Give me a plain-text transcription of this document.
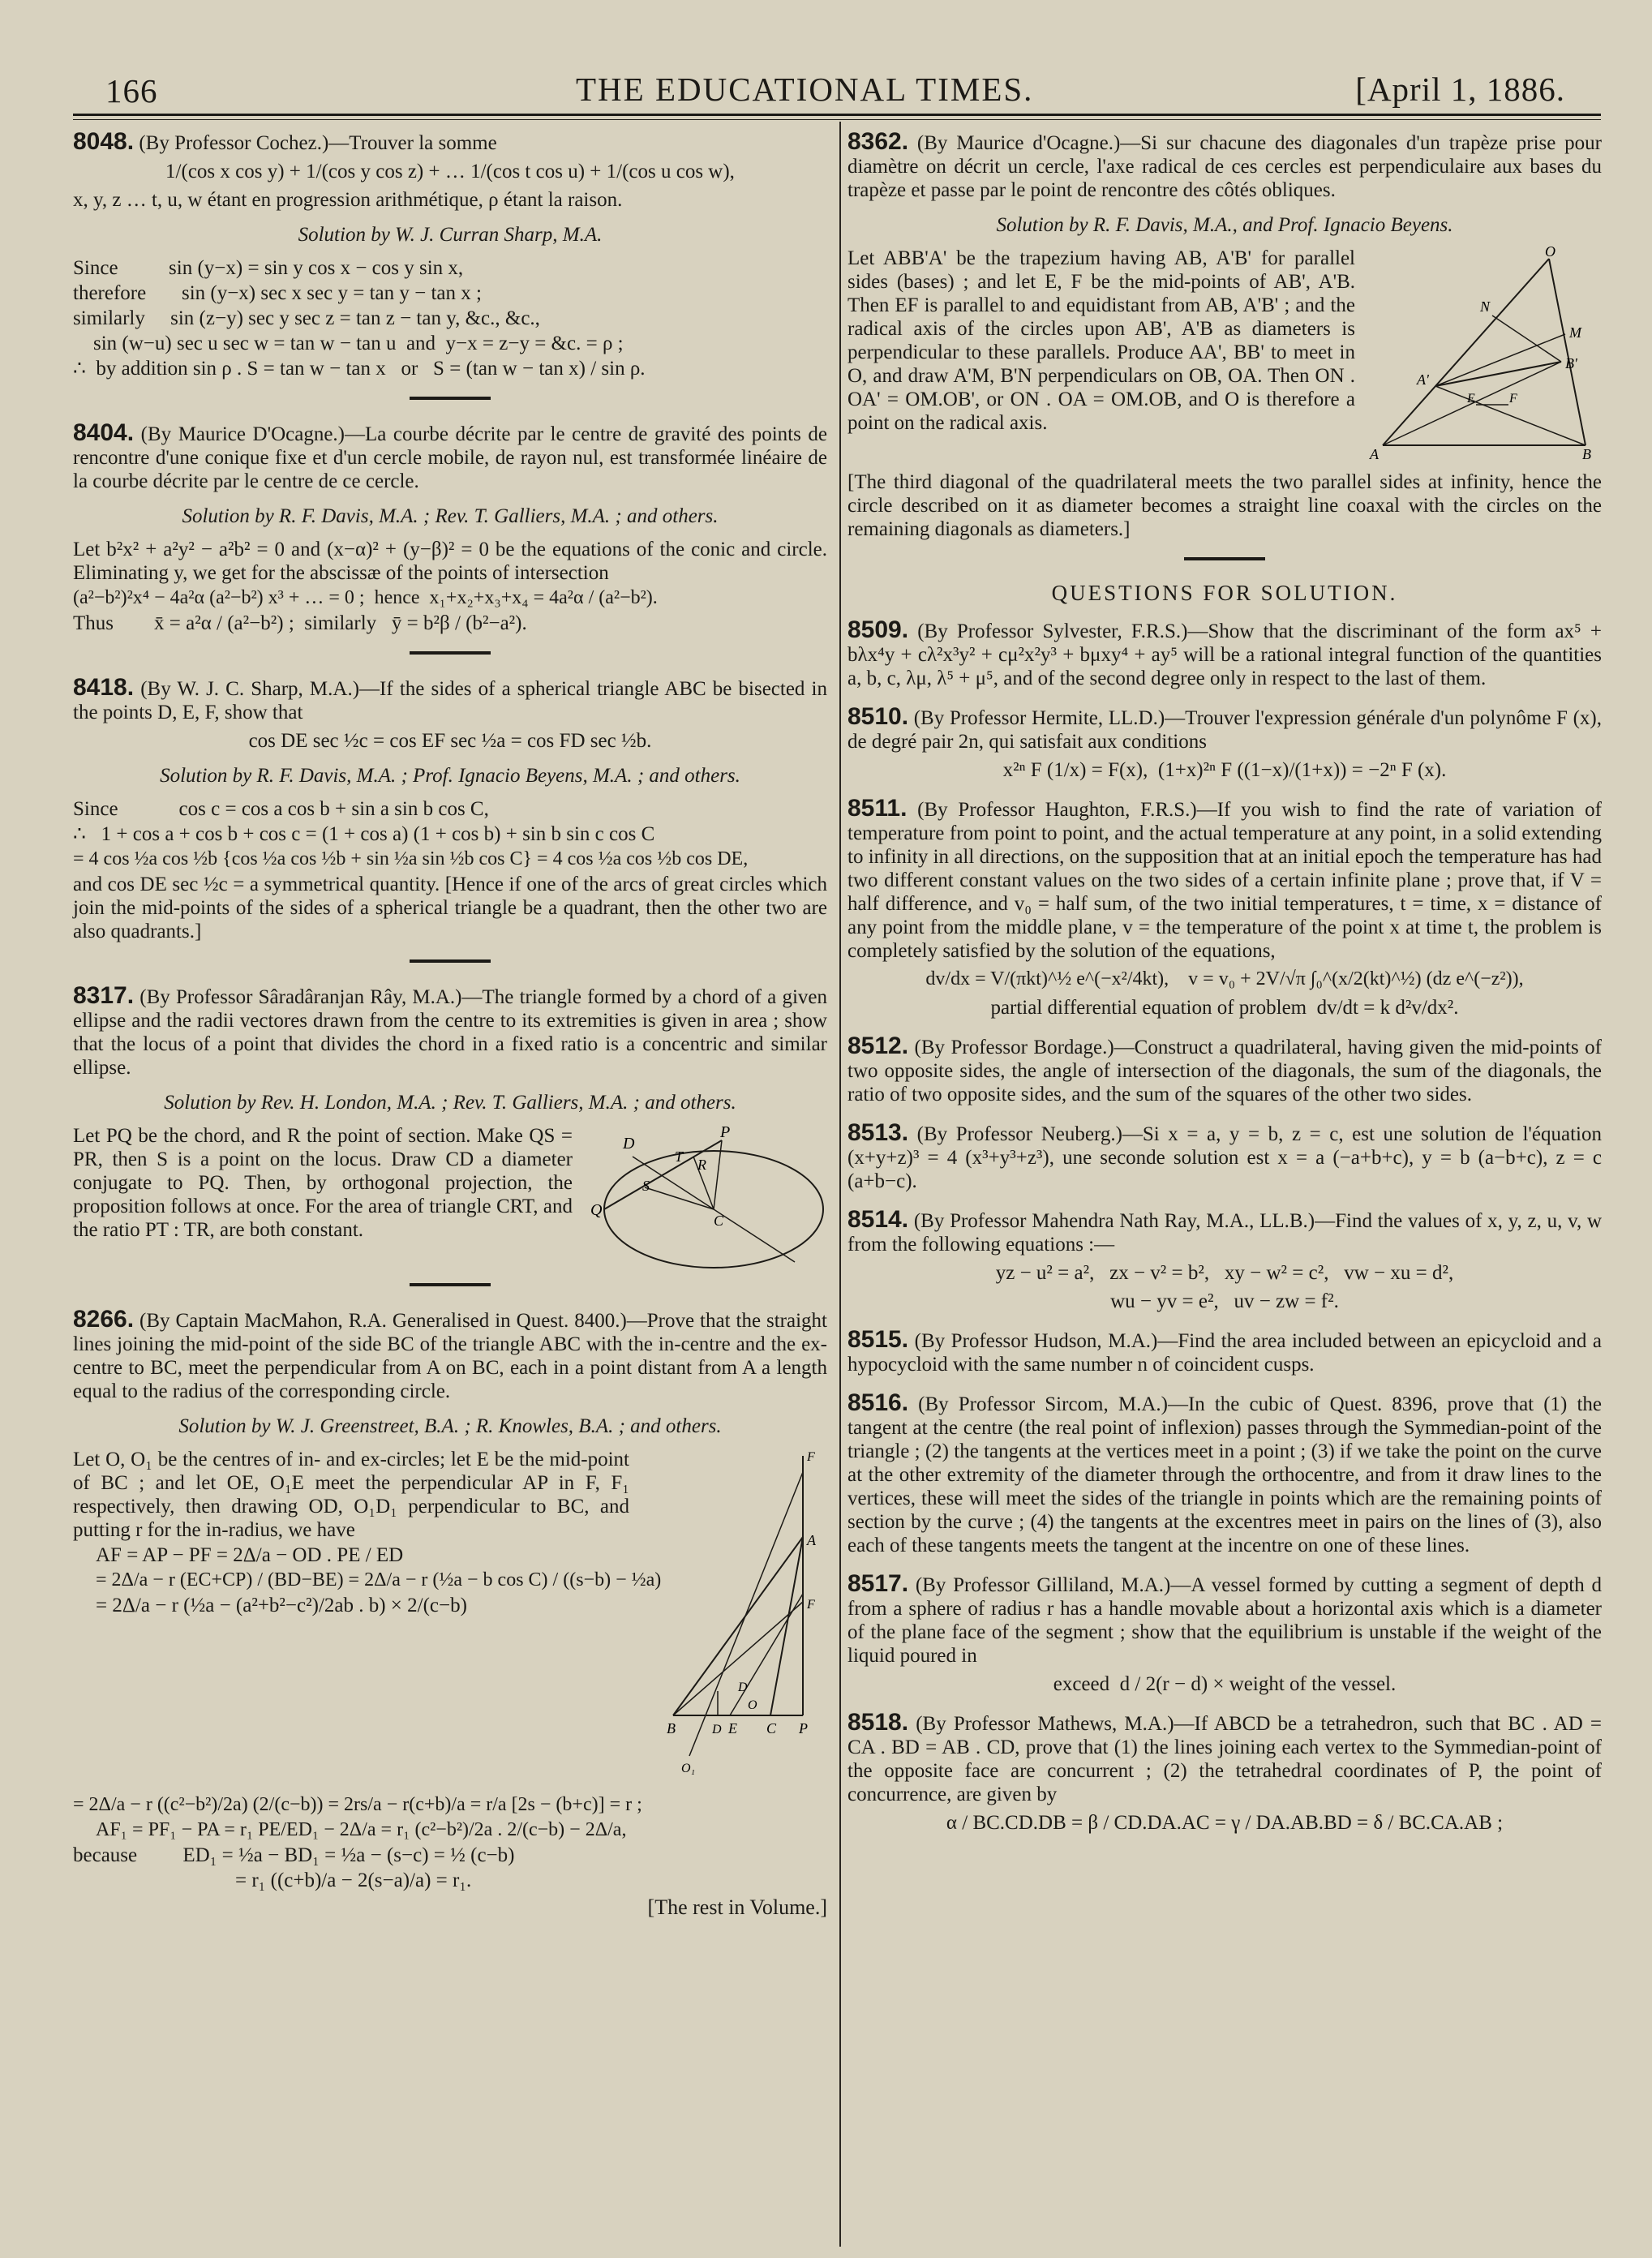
166	THE EDUCATIONAL TIMES.	[April 1, 1886.
8048. (By Professor Cochez.)—Trouver la somme
1/(cos x cos y) + 1/(cos y cos z) + … 1/(cos t cos u) + 1/(cos u cos w),
x, y, z … t, u, w étant en progression arithmétique, ρ étant la raison.
Solution by W. J. Curran Sharp, M.A.
Since          sin (y−x) = sin y cos x − cos y sin x,
therefore       sin (y−x) sec x sec y = tan y − tan x ;
similarly     sin (z−y) sec y sec z = tan z − tan y, &c., &c.,
sin (w−u) sec u sec w = tan w − tan u  and  y−x = z−y = &c. = ρ ;
∴  by addition sin ρ . S = tan w − tan x   or   S = (tan w − tan x) / sin ρ.
8404. (By Maurice D'Ocagne.)—La courbe décrite par le centre de gravité des points de rencontre d'une conique fixe et d'un cercle mobile, de rayon nul, est transformée linéaire de la courbe décrite par le centre de ce cercle.
Solution by R. F. Davis, M.A. ; Rev. T. Galliers, M.A. ; and others.
Let b²x² + a²y² − a²b² = 0 and (x−α)² + (y−β)² = 0 be the equations of the conic and circle. Eliminating y, we get for the abscissæ of the points of intersection
(a²−b²)²x⁴ − 4a²α (a²−b²) x³ + … = 0 ;  hence  x₁+x₂+x₃+x₄ = 4a²α / (a²−b²).
Thus        x̄ = a²α / (a²−b²) ;  similarly   ȳ = b²β / (b²−a²).
8418. (By W. J. C. Sharp, M.A.)—If the sides of a spherical triangle ABC be bisected in the points D, E, F, show that
cos DE sec ½c = cos EF sec ½a = cos FD sec ½b.
Solution by R. F. Davis, M.A. ; Prof. Ignacio Beyens, M.A. ; and others.
Since            cos c = cos a cos b + sin a sin b cos C,
∴   1 + cos a + cos b + cos c = (1 + cos a) (1 + cos b) + sin b sin c cos C
= 4 cos ½a cos ½b {cos ½a cos ½b + sin ½a sin ½b cos C} = 4 cos ½a cos ½b cos DE,
and cos DE sec ½c = a symmetrical quantity. [Hence if one of the arcs of great circles which join the mid-points of the sides of a spherical triangle be a quadrant, then the other two are also quadrants.]
8317. (By Professor Sâradâranjan Rây, M.A.)—The triangle formed by a chord of a given ellipse and the radii vectores drawn from the centre to its extremities is given in area ; show that the locus of a point that divides the chord in a fixed ratio is a concentric and similar ellipse.
Solution by Rev. H. London, M.A. ; Rev. T. Galliers, M.A. ; and others.
D
P
T R
S
Q
C
Let PQ be the chord, and R the point of section. Make QS = PR, then S is a point on the locus. Draw CD a diameter conjugate to PQ. Then, by orthogonal projection, the proposition follows at once. For the area of triangle CRT, and the ratio PT : TR, are both constant.
8266. (By Captain MacMahon, R.A. Generalised in Quest. 8400.)—Prove that the straight lines joining the mid-point of the side BC of the triangle ABC with the in-centre and the ex-centre to BC, meet the perpendicular from A on BC, each in a point distant from A a length equal to the radius of the corresponding circle.
Solution by W. J. Greenstreet, B.A. ; R. Knowles, B.A. ; and others.
F
A
F
D
B	E
D	C P
O
O₁
Let O, O₁ be the centres of in- and ex-circles; let E be the mid-point of BC ; and let OE, O₁E meet the perpendicular AP in F, F₁ respectively, then drawing OD, O₁D₁ perpendicular to BC, and putting r for the in-radius, we have
AF = AP − PF = 2Δ/a − OD . PE / ED
= 2Δ/a − r (EC+CP) / (BD−BE) = 2Δ/a − r (½a − b cos C) / ((s−b) − ½a)
= 2Δ/a − r (½a − (a²+b²−c²)/2ab . b) × 2/(c−b)
= 2Δ/a − r ((c²−b²)/2a) (2/(c−b)) = 2rs/a − r(c+b)/a = r/a [2s − (b+c)] = r ;
AF₁ = PF₁ − PA = r₁ PE/ED₁ − 2Δ/a = r₁ (c²−b²)/2a . 2/(c−b) − 2Δ/a,
because         ED₁ = ½a − BD₁ = ½a − (s−c) = ½ (c−b)
= r₁ ((c+b)/a − 2(s−a)/a) = r₁.
[The rest in Volume.]
8362. (By Maurice d'Ocagne.)—Si sur chacune des diagonales d'un trapèze prise pour diamètre on décrit un cercle, l'axe radical de ces cercles est perpendiculaire aux bases du trapèze et passe par le point de rencontre des côtés obliques.
Solution by R. F. Davis, M.A., and Prof. Ignacio Beyens.
O
N
M
A'
B'
E	F
A	B
Let ABB'A' be the trapezium having AB, A'B' for parallel sides (bases) ; and let E, F be the mid-points of AB', A'B. Then EF is parallel to and equidistant from AB, A'B' ; and the radical axis of the circles upon AB', A'B as diameters is perpendicular to these parallels. Produce AA', BB' to meet in O, and draw A'M, B'N perpendiculars on OB, OA. Then ON . OA' = OM.OB', or ON . OA = OM.OB, and O is therefore a point on the radical axis.
[The third diagonal of the quadrilateral meets the two parallel sides at infinity, hence the circle described on it as diameter becomes a straight line coaxal with the circles on the remaining diagonals as diameters.]
QUESTIONS FOR SOLUTION.
8509. (By Professor Sylvester, F.R.S.)—Show that the discriminant of the form ax⁵ + bλx⁴y + cλ²x³y² + cμ²x²y³ + bμxy⁴ + ay⁵ will be a rational integral function of the quantities a, b, c, λμ, λ⁵ + μ⁵, and of the second degree only in respect to the last of them.
8510. (By Professor Hermite, LL.D.)—Trouver l'expression générale d'un polynôme F (x), de degré pair 2n, qui satisfait aux conditions
x²ⁿ F (1/x) = F(x),  (1+x)²ⁿ F ((1−x)/(1+x)) = −2ⁿ F (x).
8511. (By Professor Haughton, F.R.S.)—If you wish to find the rate of variation of temperature from point to point, and the actual temperature at any point, in a solid extending to infinity in all directions, on the supposition that at an initial epoch the temperature has had two different constant values on the two sides of a certain infinite plane ; prove that, if V = half difference, and v₀ = half sum, of the two initial temperatures, t = time, x = distance of any point from the middle plane, v = the temperature of the point x at time t, the problem is completely satisfied by the solution of the equations,
dv/dx = V/(πkt)^½ e^(−x²/4kt),    v = v₀ + 2V/√π ∫₀^(x/2(kt)^½) (dz e^(−z²)),
partial differential equation of problem  dv/dt = k d²v/dx².
8512. (By Professor Bordage.)—Construct a quadrilateral, having given the mid-points of two opposite sides, the angle of intersection of the diagonals, the sum of the diagonals, the ratio of two opposite sides, and the sum of the squares of the other two sides.
8513. (By Professor Neuberg.)—Si x = a, y = b, z = c, est une solution de l'équation (x+y+z)³ = 4 (x³+y³+z³), une seconde solution est x = a (−a+b+c), y = b (a−b+c), z = c (a+b−c).
8514. (By Professor Mahendra Nath Ray, M.A., LL.B.)—Find the values of x, y, z, u, v, w from the following equations :—
yz − u² = a²,   zx − v² = b²,   xy − w² = c²,   vw − xu = d²,
wu − yv = e²,   uv − zw = f².
8515. (By Professor Hudson, M.A.)—Find the area included between an epicycloid and a hypocycloid with the same number n of coincident cusps.
8516. (By Professor Sircom, M.A.)—In the cubic of Quest. 8396, prove that (1) the tangent at the centre (the real point of inflexion) passes through the Symmedian-point of the triangle ; (2) the tangents at the vertices meet in a point ; (3) if we take the point on the curve at the other extremity of the diameter through the orthocentre, and from it draw lines to the vertices, these will meet the sides of the triangle in points which are the remaining points of section by the curve ; (4) the tangents at the excentres meet in pairs on the lines of (3), also each of these tangents meets the tangent at the incentre on one of these lines.
8517. (By Professor Gilliland, M.A.)—A vessel formed by cutting a segment of depth d from a sphere of radius r has a handle movable about a horizontal axis which is a diameter of the plane face of the segment ; show that the equilibrium is unstable if the weight of the liquid poured in
exceed  d / 2(r − d) × weight of the vessel.
8518. (By Professor Mathews, M.A.)—If ABCD be a tetrahedron, such that BC . AD = CA . BD = AB . CD, prove that (1) the lines joining each vertex to the Symmedian-point of the opposite face are concurrent ; (2) the tetrahedral coordinates of P, the point of concurrence, are given by
α / BC.CD.DB = β / CD.DA.AC = γ / DA.AB.BD = δ / BC.CA.AB ;
